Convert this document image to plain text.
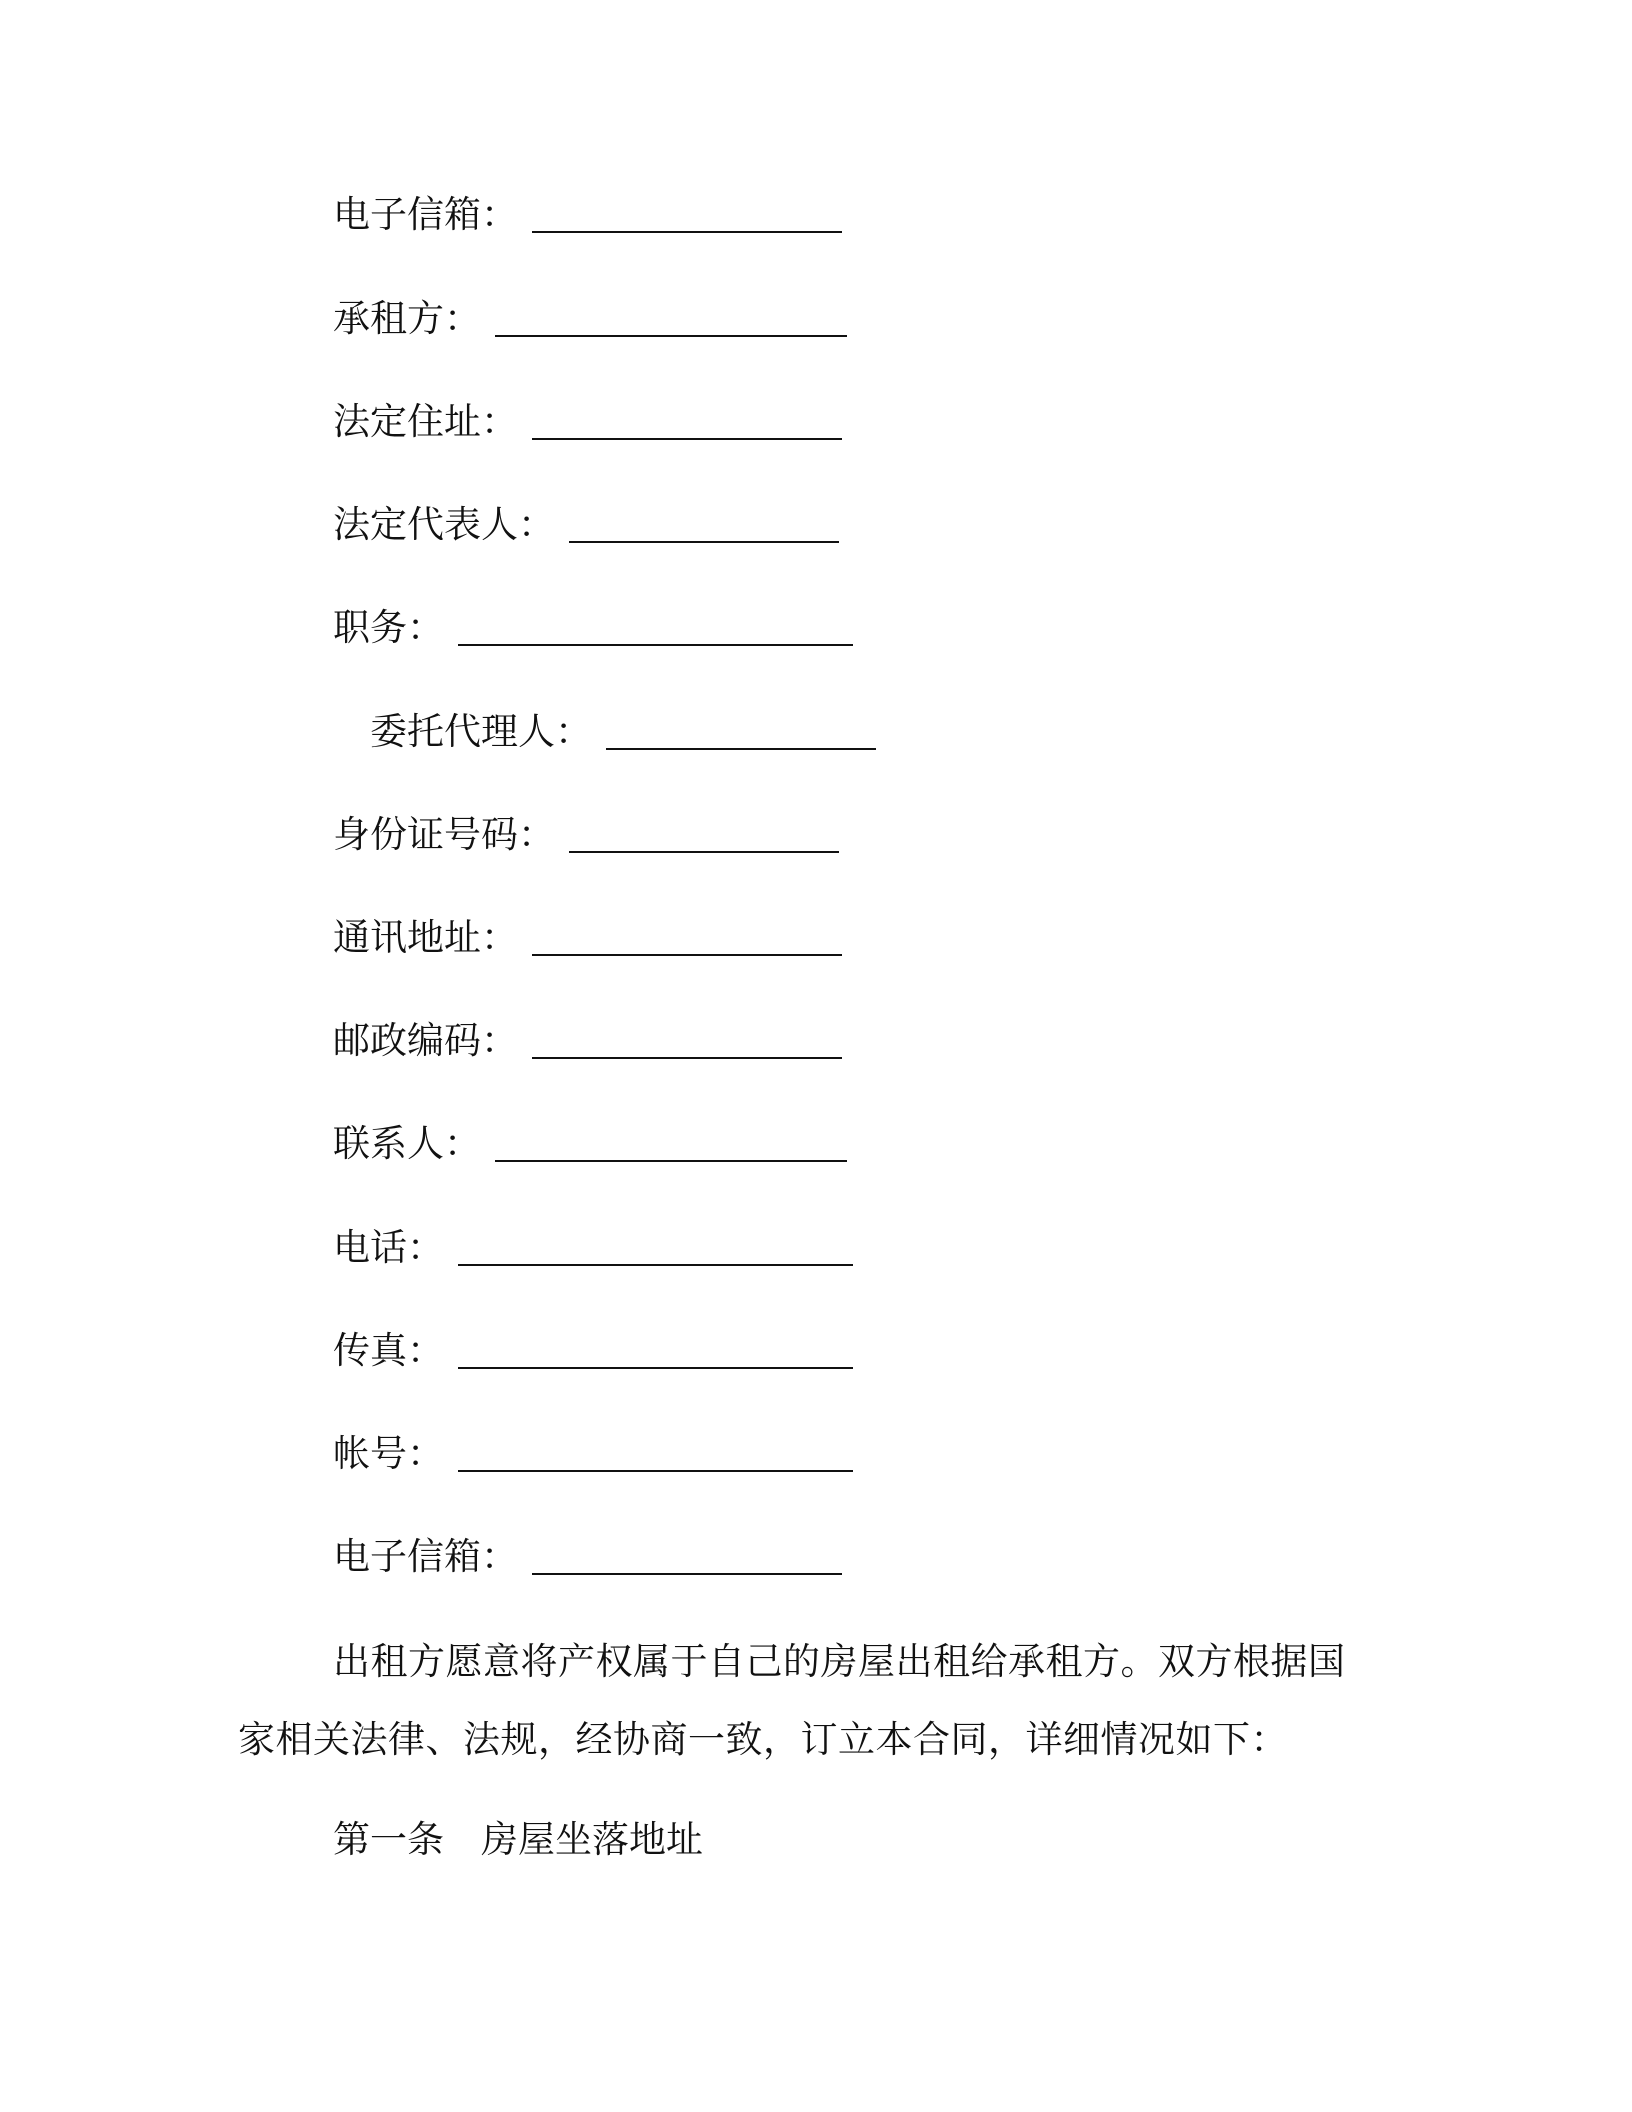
电子信箱：
承租方：
法定住址：
法定代表人：
职务：
委托代理人：
身份证号码：
通讯地址：
邮政编码：
联系人：
电话：
传真：
帐号：
电子信箱：

出租方愿意将产权属于自己的房屋出租给承租方。双方根据国家相关法律、法规，经协商一致，订立本合同，详细情况如下：

第一条　房屋坐落地址
